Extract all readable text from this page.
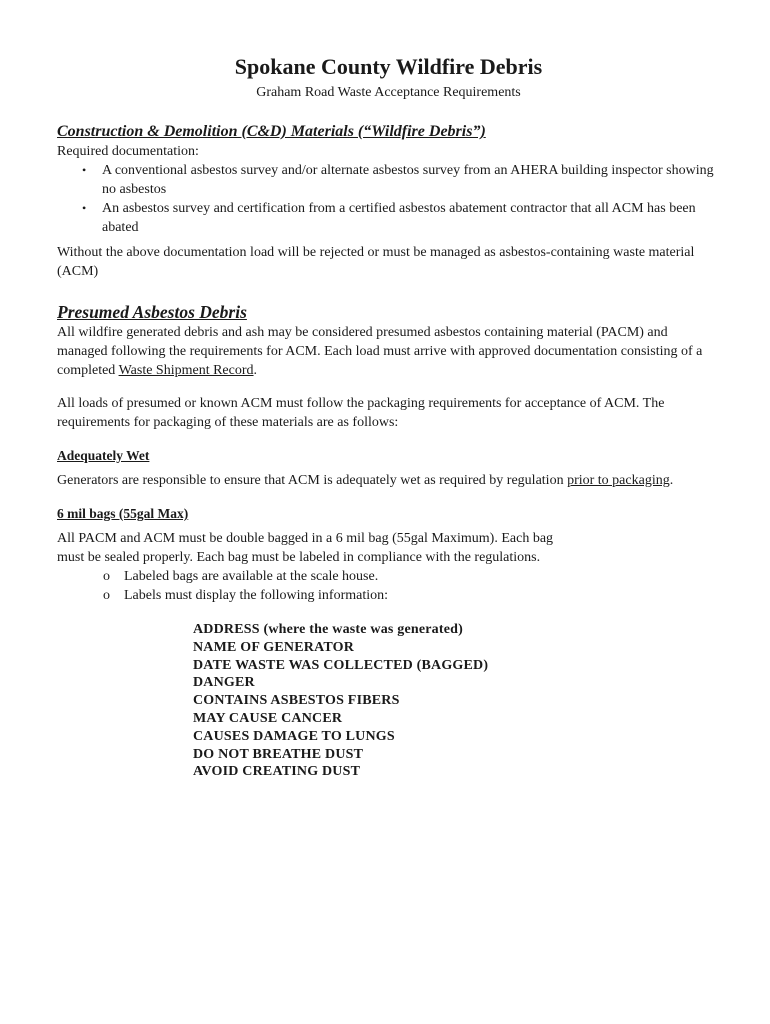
Spokane County Wildfire Debris
Graham Road Waste Acceptance Requirements
Construction & Demolition (C&D) Materials (“Wildfire Debris”)

Required documentation:

• A conventional asbestos survey and/or alternate asbestos survey from an AHERA building inspector showing no asbestos
• An asbestos survey and certification from a certified asbestos abatement contractor that all ACM has been abated

Without the above documentation load will be rejected or must be managed as asbestos-containing waste material (ACM)

Presumed Asbestos Debris

All wildfire generated debris and ash may be considered presumed asbestos containing material (PACM) and managed following the requirements for ACM. Each load must arrive with approved documentation consisting of a completed Waste Shipment Record.

All loads of presumed or known ACM must follow the packaging requirements for acceptance of ACM. The requirements for packaging of these materials are as follows:

Adequately Wet

Generators are responsible to ensure that ACM is adequately wet as required by regulation prior to packaging.

6 mil bags (55gal Max)

All PACM and ACM must be double bagged in a 6 mil bag (55gal Maximum). Each bag must be sealed properly. Each bag must be labeled in compliance with the regulations.

o Labeled bags are available at the scale house.
o Labels must display the following information:
ADDRESS (where the waste was generated)
NAME OF GENERATOR
DATE WASTE WAS COLLECTED (BAGGED)
DANGER
CONTAINS ASBESTOS FIBERS
MAY CAUSE CANCER
CAUSES DAMAGE TO LUNGS
DO NOT BREATHE DUST
AVOID CREATING DUST
